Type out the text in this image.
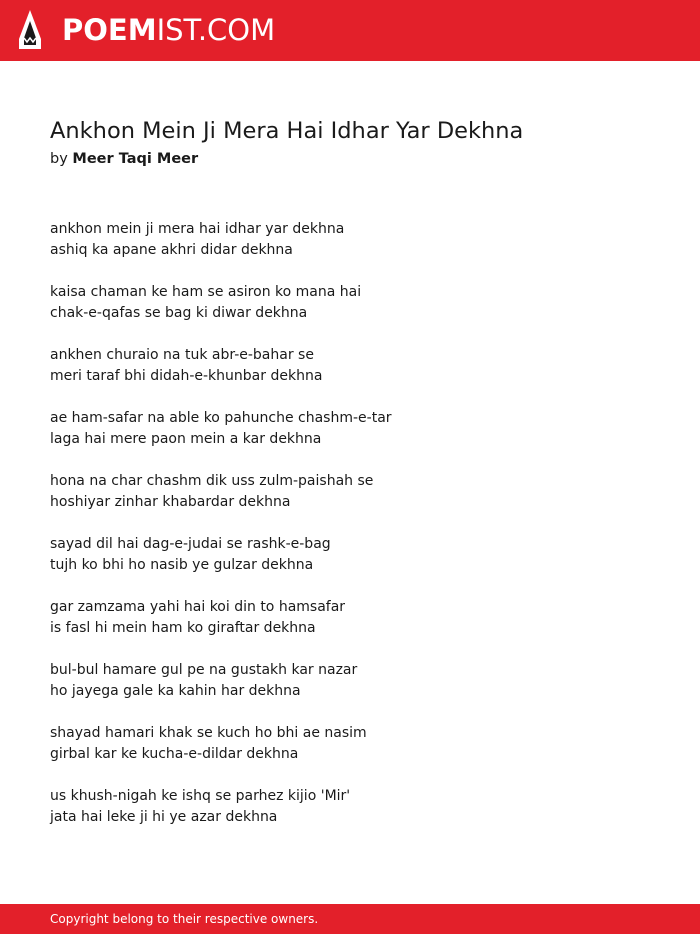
POEMIST.COM
Ankhon Mein Ji Mera Hai Idhar Yar Dekhna
by Meer Taqi Meer
ankhon mein ji mera hai idhar yar dekhna
ashiq ka apane akhri didar dekhna
kaisa chaman ke ham se asiron ko mana hai
chak-e-qafas se bag ki diwar dekhna
ankhen churaio na tuk abr-e-bahar se
meri taraf bhi didah-e-khunbar dekhna
ae ham-safar na able ko pahunche chashm-e-tar
laga hai mere paon mein a kar dekhna
hona na char chashm dik uss zulm-paishah se
hoshiyar zinhar khabardar dekhna
sayad dil hai dag-e-judai se rashk-e-bag
tujh ko bhi ho nasib ye gulzar dekhna
gar zamzama yahi hai koi din to hamsafar
is fasl hi mein ham ko giraftar dekhna
bul-bul hamare gul pe na gustakh kar nazar
ho jayega gale ka kahin har dekhna
shayad hamari khak se kuch ho bhi ae nasim
girbal kar ke kucha-e-dildar dekhna
us khush-nigah ke ishq se parhez kijio 'Mir'
jata hai leke ji hi ye azar dekhna
Copyright belong to their respective owners.
